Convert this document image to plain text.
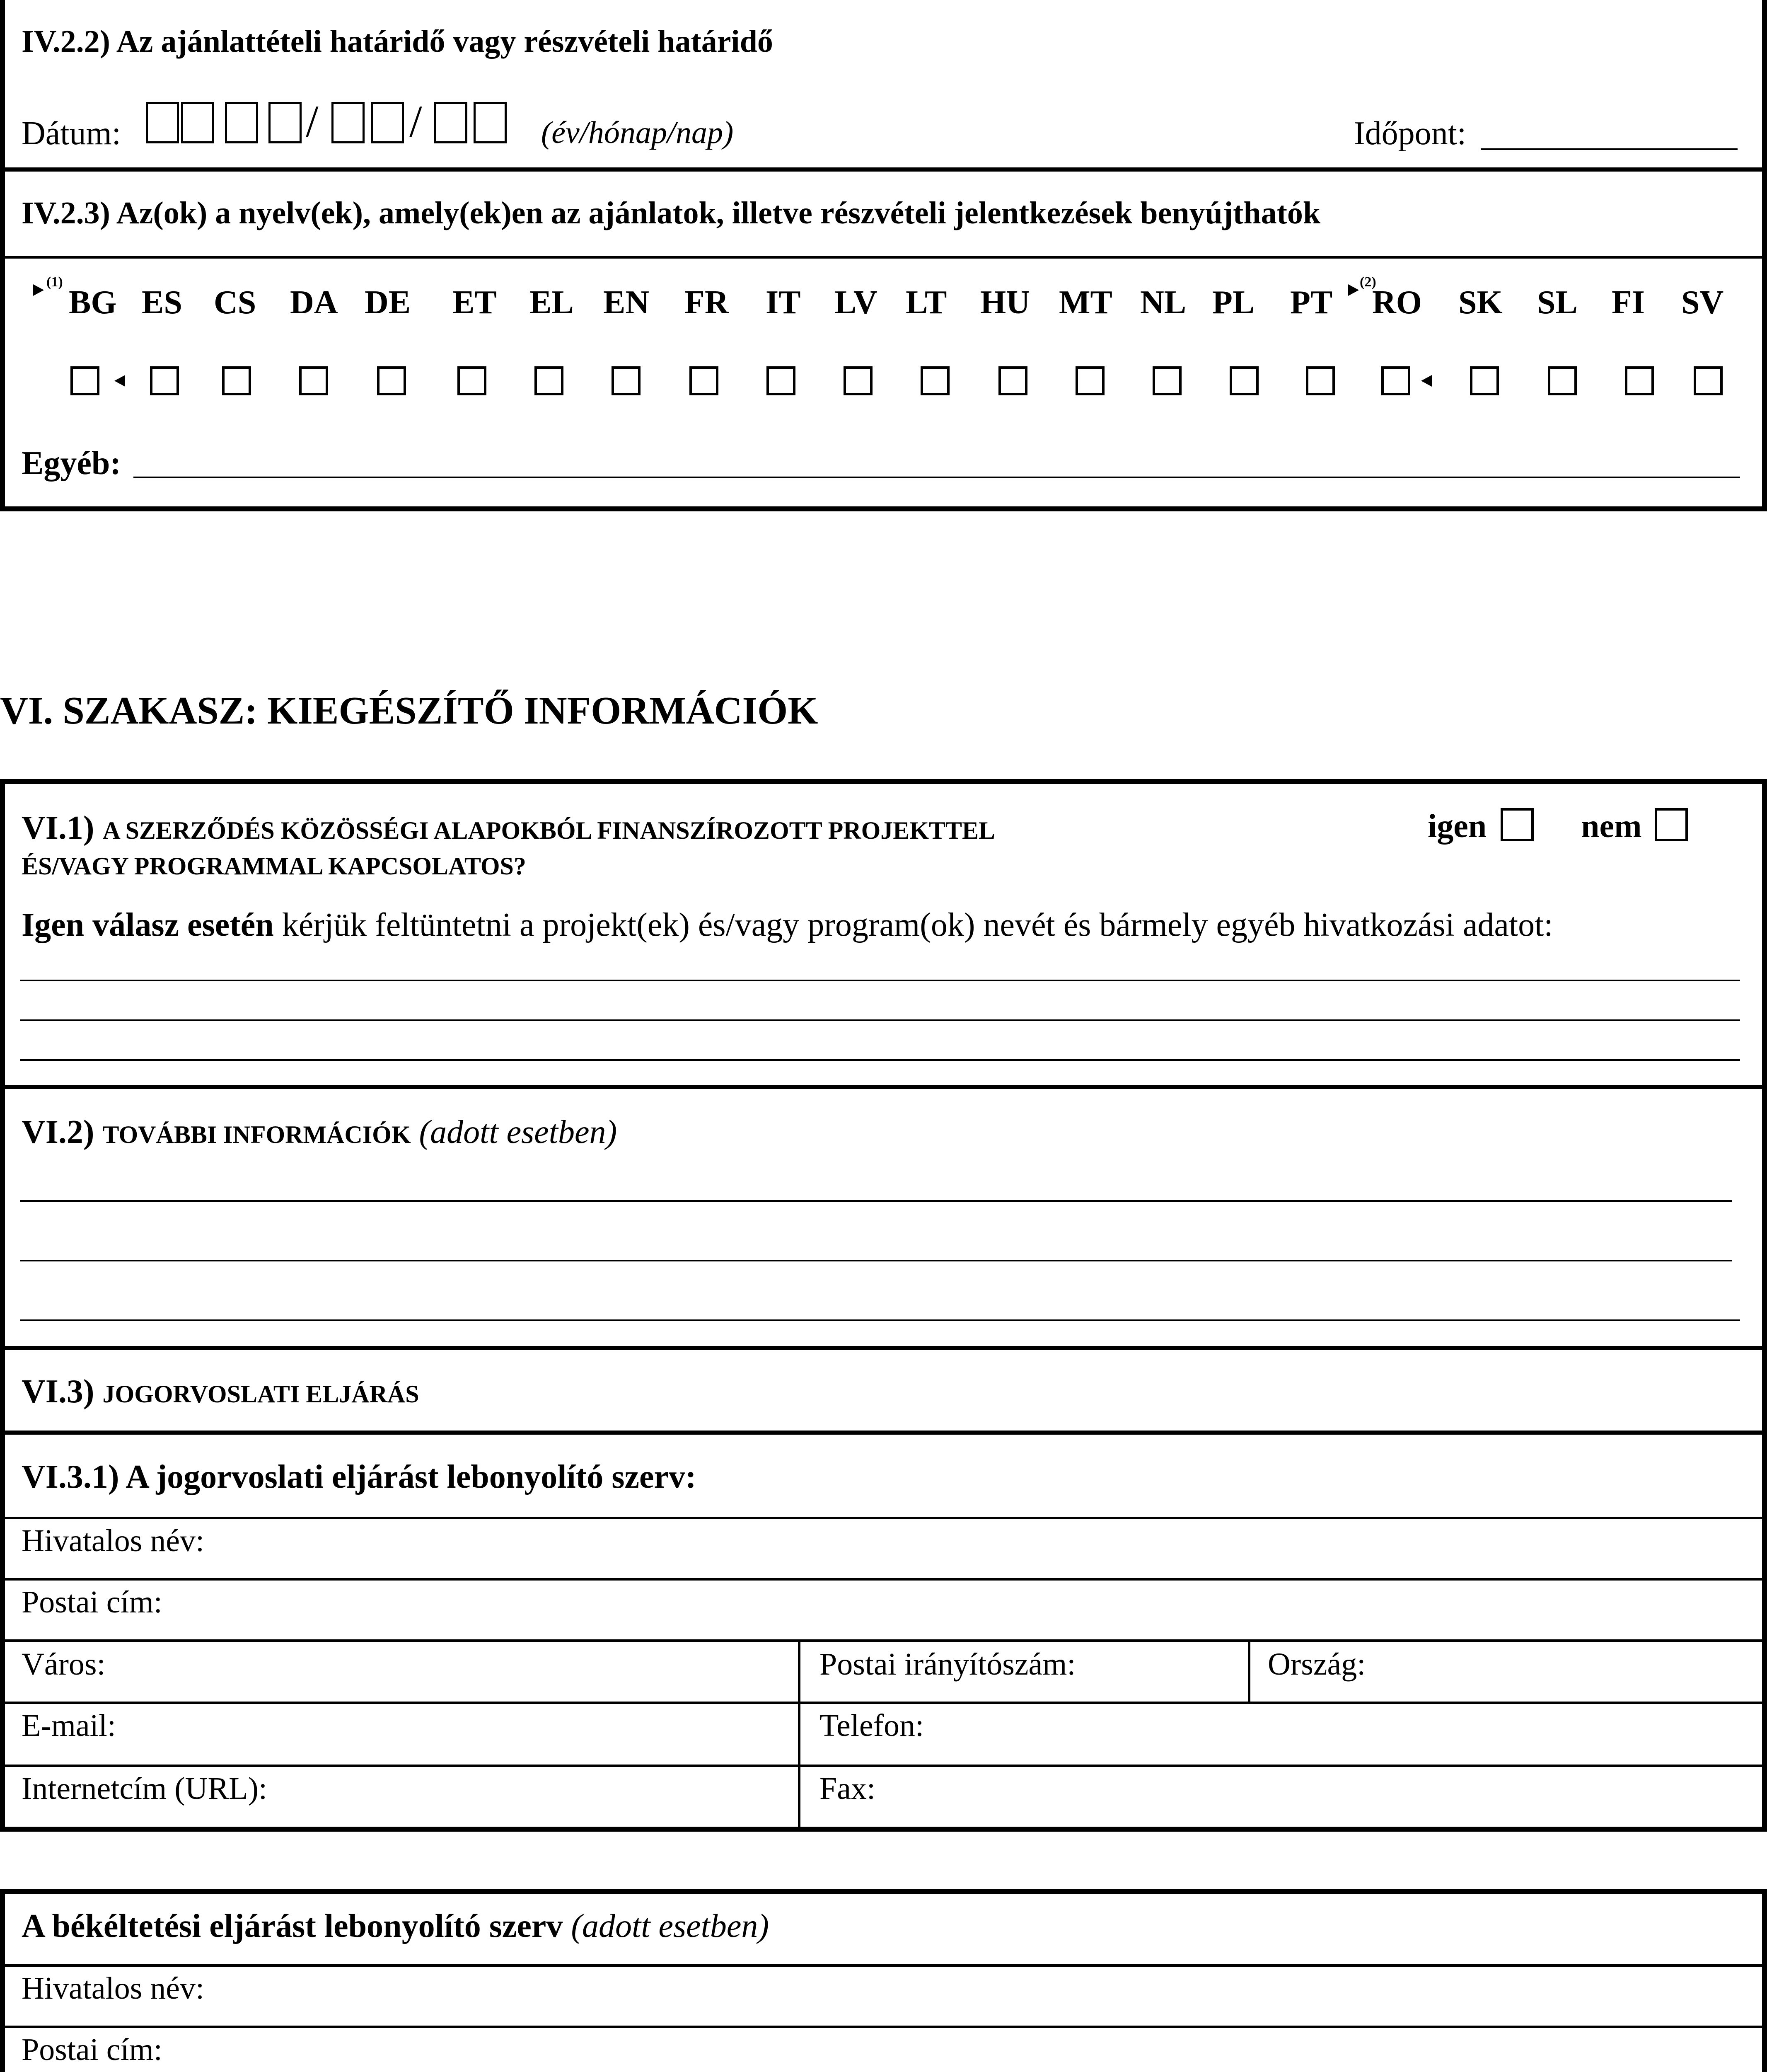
IV.2.2) Az ajánlattételi határidő vagy részvételi határidő
Dátum:	/ /	(év/hónap/nap)	Időpont:
IV.2.3) Az(ok) a nyelv(ek), amely(ek)en az ajánlatok, illetve részvételi jelentkezések benyújthatók
(1)	(2)
BG ES CS DA DE ET EL EN FR IT LV LT HU MT NL PL PT RO SK SL FI SV
Egyéb:
VI. SZAKASZ: KIEGÉSZÍTŐ INFORMÁCIÓK
VI.1) A SZERZŐDÉS KÖZÖSSÉGI ALAPOKBÓL FINANSZÍROZOTT PROJEKTTEL
ÉS/VAGY PROGRAMMAL KAPCSOLATOS?
igen	nem
Igen válasz esetén kérjük feltüntetni a projekt(ek) és/vagy program(ok) nevét és bármely egyéb hivatkozási adatot:
VI.2) TOVÁBBI INFORMÁCIÓK (adott esetben)
VI.3) JOGORVOSLATI ELJÁRÁS
VI.3.1) A jogorvoslati eljárást lebonyolító szerv:
Hivatalos név:
Postai cím:
Város:	Postai irányítószám:	Ország:
E-mail:	Telefon:
Internetcím (URL):	Fax:
A békéltetési eljárást lebonyolító szerv (adott esetben)
Hivatalos név:
Postai cím:
